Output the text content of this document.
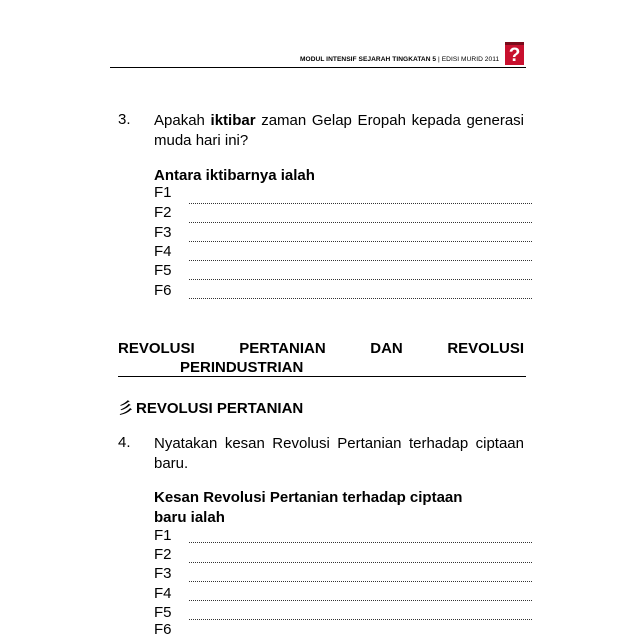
MODUL INTENSIF SEJARAH TINGKATAN 5 | EDISI MURID 2011 ?
3. Apakah iktibar zaman Gelap Eropah kepada generasi muda hari ini?
Antara iktibarnya ialah
F1
F2
F3
F4
F5
F6
REVOLUSI	PERTANIAN	DAN	REVOLUSI
PERINDUSTRIAN
彡 REVOLUSI PERTANIAN
4. Nyatakan kesan Revolusi Pertanian terhadap ciptaan baru.
Kesan Revolusi Pertanian terhadap ciptaan baru ialah
F1
F2
F3
F4
F5
F6
